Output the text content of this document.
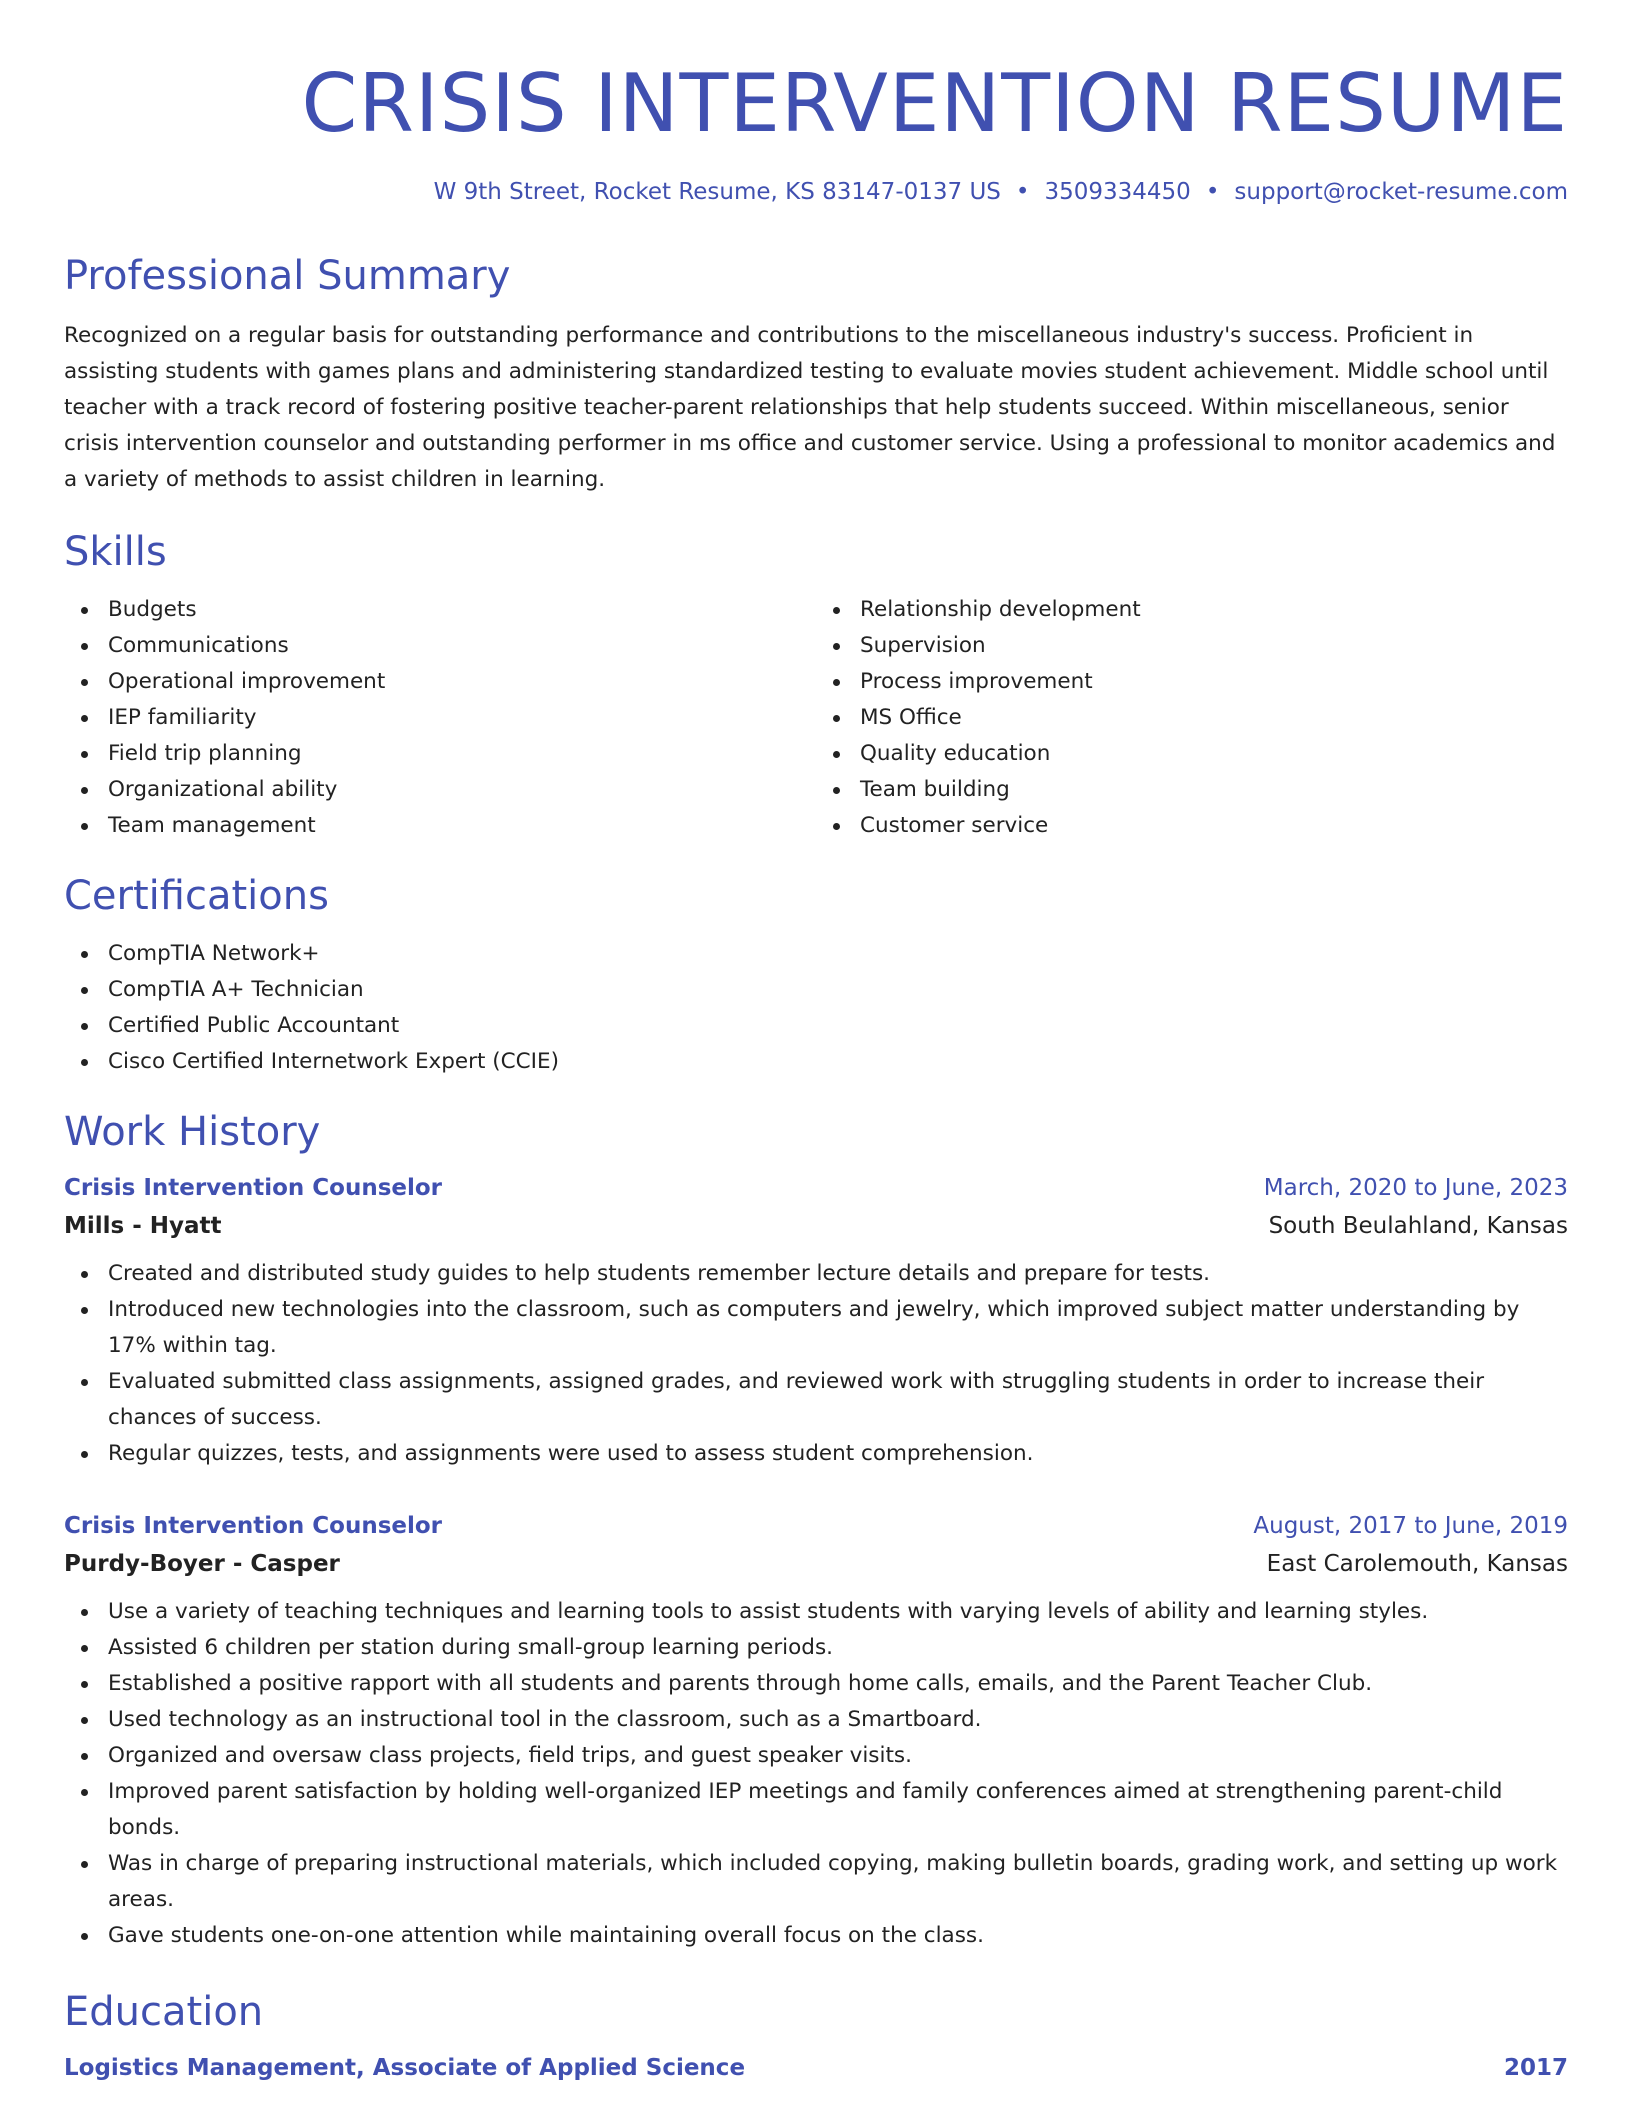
CRISIS INTERVENTION RESUME
W 9th Street, Rocket Resume, KS 83147-0137 US • 3509334450 • support@rocket-resume.com
Professional Summary

Recognized on a regular basis for outstanding performance and contributions to the miscellaneous industry's success. Proficient in assisting students with games plans and administering standardized testing to evaluate movies student achievement. Middle school until teacher with a track record of fostering positive teacher-parent relationships that help students succeed. Within miscellaneous, senior crisis intervention counselor and outstanding performer in ms office and customer service. Using a professional to monitor academics and a variety of methods to assist children in learning.

Skills
Budgets
Communications
Operational improvement
IEP familiarity
Field trip planning
Organizational ability
Team management
Relationship development
Supervision
Process improvement
MS Office
Quality education
Team building
Customer service
Certifications
CompTIA Network+
CompTIA A+ Technician
Certified Public Accountant
Cisco Certified Internetwork Expert (CCIE)
Work History
Crisis Intervention Counselor	March, 2020 to June, 2023
Mills - Hyatt	South Beulahland, Kansas
Created and distributed study guides to help students remember lecture details and prepare for tests.
Introduced new technologies into the classroom, such as computers and jewelry, which improved subject matter understanding by 17% within tag.
Evaluated submitted class assignments, assigned grades, and reviewed work with struggling students in order to increase their chances of success.
Regular quizzes, tests, and assignments were used to assess student comprehension.
Crisis Intervention Counselor	August, 2017 to June, 2019
Purdy-Boyer - Casper	East Carolemouth, Kansas
Use a variety of teaching techniques and learning tools to assist students with varying levels of ability and learning styles.
Assisted 6 children per station during small-group learning periods.
Established a positive rapport with all students and parents through home calls, emails, and the Parent Teacher Club.
Used technology as an instructional tool in the classroom, such as a Smartboard.
Organized and oversaw class projects, field trips, and guest speaker visits.
Improved parent satisfaction by holding well-organized IEP meetings and family conferences aimed at strengthening parent-child bonds.
Was in charge of preparing instructional materials, which included copying, making bulletin boards, grading work, and setting up work areas.
Gave students one-on-one attention while maintaining overall focus on the class.
Education
Logistics Management, Associate of Applied Science	2017
